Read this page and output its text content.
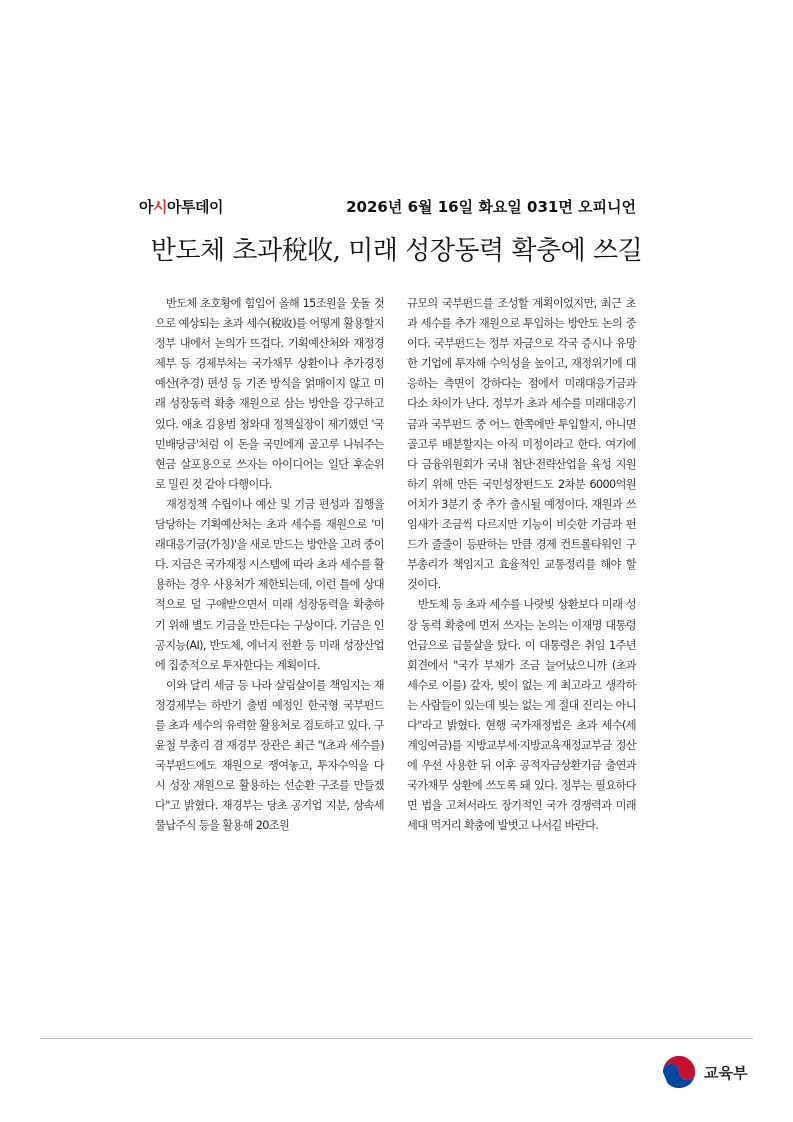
아시아투데이	2026년 6월 16일 화요일 031면 오피니언
반도체 초과稅收, 미래 성장동력 확충에 쓰길

반도체 초호황에 힘입어 올해 15조원을 웃돌 것으로 예상되는 초과 세수(稅收)를 어떻게 활용할지 정부 내에서 논의가 뜨겁다. 기획예산처와 재정경제부 등 경제부처는 국가채무 상환이나 추가경정예산(추경) 편성 등 기존 방식을 얽매이지 않고 미래 성장동력 확충 재원으로 삼는 방안을 강구하고 있다. 애초 김용범 청와대 정책실장이 제기했던 '국민배당금'처럼 이 돈을 국민에게 골고루 나눠주는 현금 살포용으로 쓰자는 아이디어는 일단 후순위로 밀린 것 같아 다행이다.

재정정책 수립이나 예산 및 기금 편성과 집행을 담당하는 기획예산처는 초과 세수를 재원으로 '미래대응기금(가칭)'을 새로 만드는 방안을 고려 중이다. 지금은 국가재정 시스템에 따라 초과 세수를 활용하는 경우 사용처가 제한되는데, 이런 틀에 상대적으로 덜 구애받으면서 미래 성장동력을 확충하기 위해 별도 기금을 만든다는 구상이다. 기금은 인공지능(AI), 반도체, 에너지 전환 등 미래 성장산업에 집중적으로 투자한다는 계획이다.

이와 달리 세금 등 나라 살림살이를 책임지는 재정경제부는 하반기 출범 예정인 한국형 국부펀드를 초과 세수의 유력한 활용처로 검토하고 있다. 구윤철 부총리 겸 재경부 장관은 최근 "(초과 세수를) 국부펀드에도 재원으로 쟁여놓고, 투자수익을 다시 성장 재원으로 활용하는 선순환 구조를 만들겠다"고 밝혔다. 재경부는 당초 공기업 지분, 상속세 물납주식 등을 활용해 20조원

규모의 국부펀드를 조성할 계획이었지만, 최근 초과 세수를 추가 재원으로 투입하는 방안도 논의 중이다. 국부펀드는 정부 자금으로 각국 증시나 유망한 기업에 투자해 수익성을 높이고, 재정위기에 대응하는 측면이 강하다는 점에서 미래대응기금과 다소 차이가 난다. 정부가 초과 세수를 미래대응기금과 국부펀드 중 어느 한쪽에만 투입할지, 아니면 골고루 배분할지는 아직 미정이라고 한다. 여기에다 금융위원회가 국내 첨단·전략산업을 육성 지원하기 위해 만든 국민성장펀드도 2차분 6000억원어치가 3분기 중 추가 출시될 예정이다. 재원과 쓰임새가 조금씩 다르지만 기능이 비슷한 기금과 펀드가 줄줄이 등판하는 만큼 경제 컨트롤타워인 구 부총리가 책임지고 효율적인 교통정리를 해야 할 것이다.

반도체 등 초과 세수를 나랏빚 상환보다 미래 성장 동력 확충에 먼저 쓰자는 논의는 이재명 대통령 언급으로 급물살을 탔다. 이 대통령은 취임 1주년 회견에서 "국가 부채가 조금 늘어났으니까 (초과 세수로 이를) 갚자, 빚이 없는 게 최고라고 생각하는 사람들이 있는데 빚는 없는 게 절대 진리는 아니다"라고 밝혔다. 현행 국가재정법은 초과 세수(세계잉여금)를 지방교부세·지방교육재정교부금 정산에 우선 사용한 뒤 이후 공적자금상환기금 출연과 국가채무 상환에 쓰도록 돼 있다. 정부는 필요하다면 법을 고쳐서라도 장기적인 국가 경쟁력과 미래세대 먹거리 확충에 발벗고 나서길 바란다.

교육부
